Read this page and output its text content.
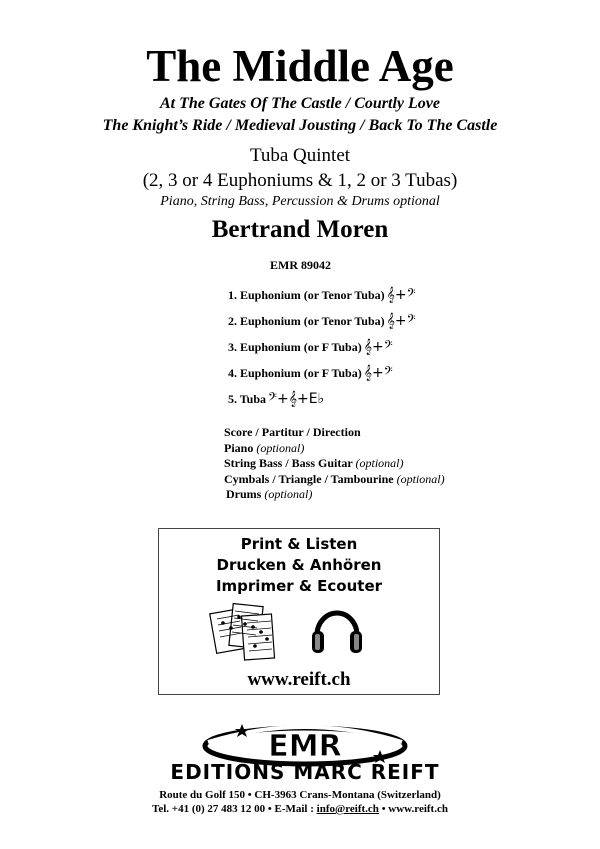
The Middle Age
At The Gates Of The Castle / Courtly Love
The Knight’s Ride / Medieval Jousting / Back To The Castle
Tuba Quintet
(2, 3 or 4 Euphoniums & 1, 2 or 3 Tubas)
Piano, String Bass, Percussion & Drums optional
Bertrand Moren
EMR 89042
1. Euphonium (or Tenor Tuba) 𝄞+𝄢
2. Euphonium (or Tenor Tuba) 𝄞+𝄢
3. Euphonium (or F Tuba) 𝄞+𝄢
4. Euphonium (or F Tuba) 𝄞+𝄢
5. Tuba 𝄢+𝄞+E♭
Score / Partitur / Direction
Piano (optional)
String Bass / Bass Guitar (optional)
Cymbals / Triangle / Tambourine (optional)
Drums (optional)
Print & Listen
Drucken & Anhören
Imprimer & Ecouter
www.reift.ch
EMR
EDITIONS MARC REIFT
Route du Golf 150 • CH-3963 Crans-Montana (Switzerland)
Tel. +41 (0) 27 483 12 00 • E-Mail : info@reift.ch • www.reift.ch
